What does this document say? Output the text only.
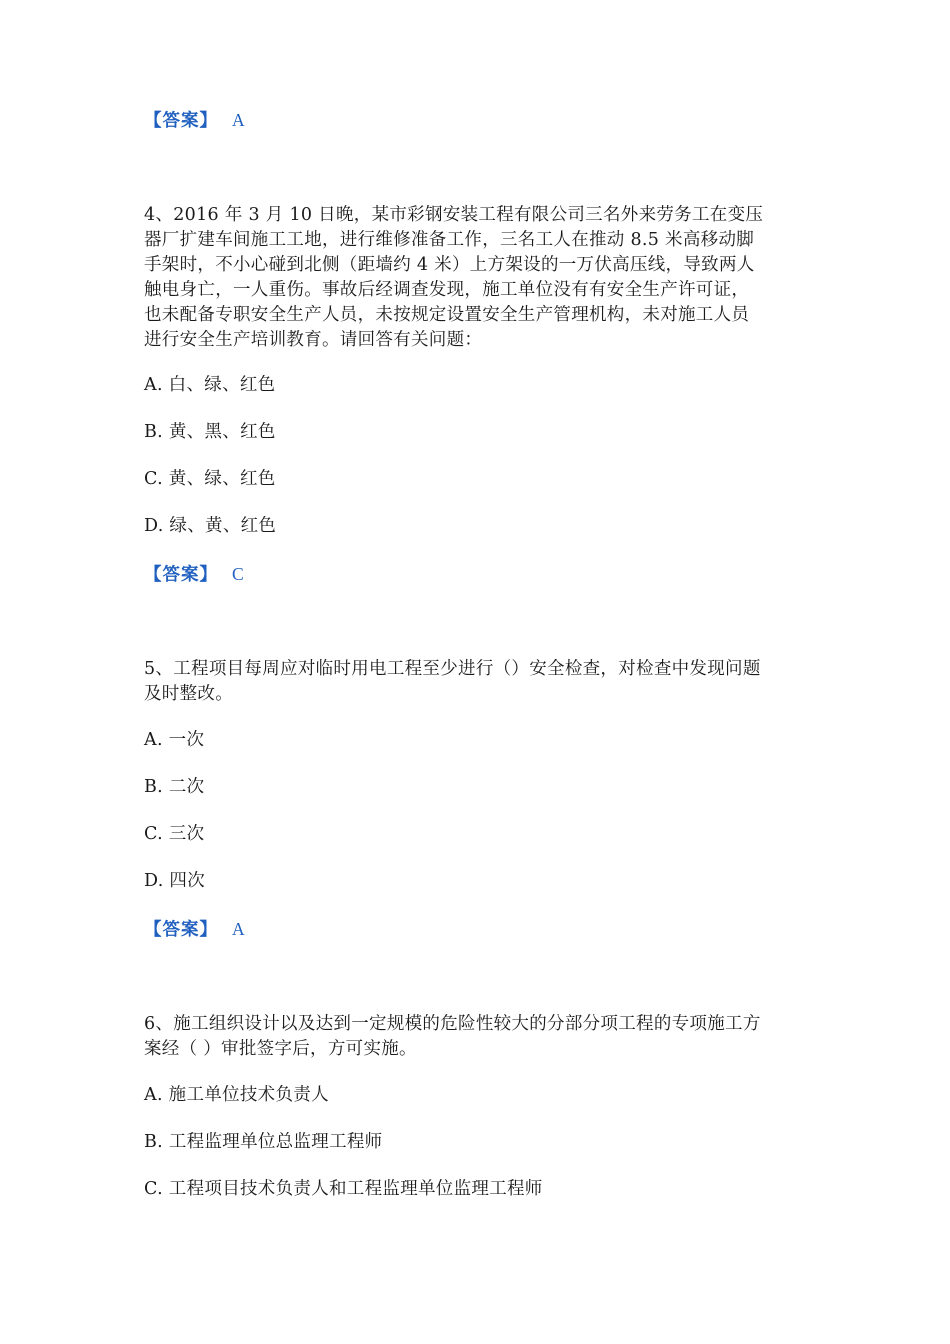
【答案】 A
4、2016 年 3 月 10 日晚，某市彩钢安装工程有限公司三名外来劳务工在变压
器厂扩建车间施工工地，进行维修准备工作，三名工人在推动 8.5 米高移动脚
手架时，不小心碰到北侧（距墙约 4 米）上方架设的一万伏高压线，导致两人
触电身亡，一人重伤。事故后经调查发现，施工单位没有有安全生产许可证，
也未配备专职安全生产人员，未按规定设置安全生产管理机构，未对施工人员
进行安全生产培训教育。请回答有关问题：
A. 白、绿、红色
B. 黄、黑、红色
C. 黄、绿、红色
D. 绿、黄、红色
【答案】 C
5、工程项目每周应对临时用电工程至少进行（）安全检查，对检查中发现问题
及时整改。
A. 一次
B. 二次
C. 三次
D. 四次
【答案】 A
6、施工组织设计以及达到一定规模的危险性较大的分部分项工程的专项施工方
案经（ ）审批签字后，方可实施。
A. 施工单位技术负责人
B. 工程监理单位总监理工程师
C. 工程项目技术负责人和工程监理单位监理工程师
